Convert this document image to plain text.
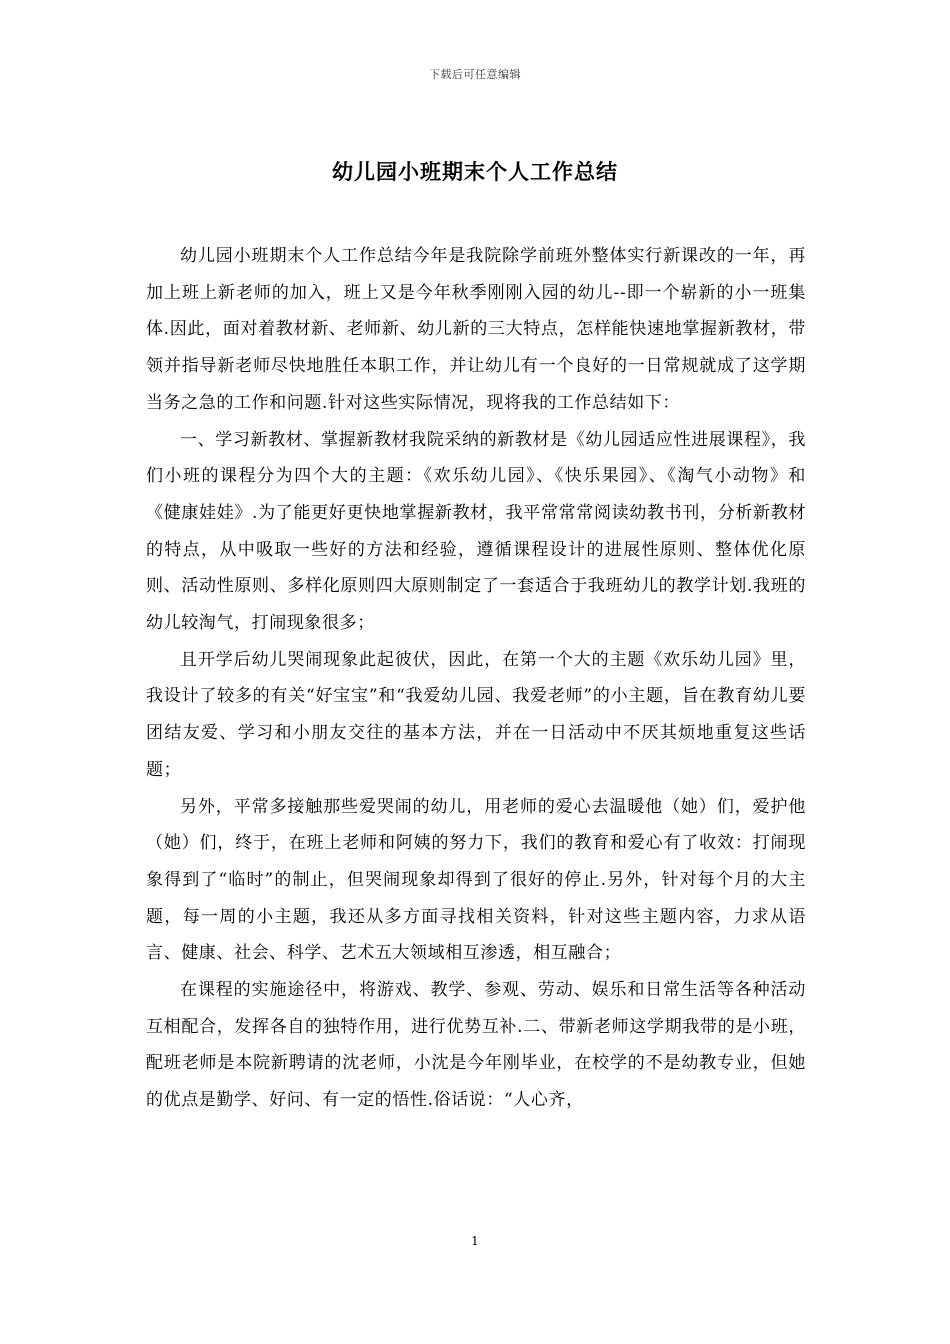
下载后可任意编辑
幼儿园小班期末个人工作总结

幼儿园小班期末个人工作总结今年是我院除学前班外整体实行新课改的一年，再加上班上新老师的加入，班上又是今年秋季刚刚入园的幼儿--即一个崭新的小一班集体.因此，面对着教材新、老师新、幼儿新的三大特点，怎样能快速地掌握新教材，带领并指导新老师尽快地胜任本职工作，并让幼儿有一个良好的一日常规就成了这学期当务之急的工作和问题.针对这些实际情况，现将我的工作总结如下：

一、学习新教材、掌握新教材我院采纳的新教材是《幼儿园适应性进展课程》，我们小班的课程分为四个大的主题：《欢乐幼儿园》、《快乐果园》、《淘气小动物》和《健康娃娃》.为了能更好更快地掌握新教材，我平常常常阅读幼教书刊，分析新教材的特点，从中吸取一些好的方法和经验，遵循课程设计的进展性原则、整体优化原则、活动性原则、多样化原则四大原则制定了一套适合于我班幼儿的教学计划.我班的幼儿较淘气，打闹现象很多；

且开学后幼儿哭闹现象此起彼伏，因此，在第一个大的主题《欢乐幼儿园》里，我设计了较多的有关“好宝宝”和“我爱幼儿园、我爱老师”的小主题，旨在教育幼儿要团结友爱、学习和小朋友交往的基本方法，并在一日活动中不厌其烦地重复这些话题；

另外，平常多接触那些爱哭闹的幼儿，用老师的爱心去温暖他（她）们，爱护他（她）们，终于，在班上老师和阿姨的努力下，我们的教育和爱心有了收效：打闹现象得到了“临时”的制止，但哭闹现象却得到了很好的停止.另外，针对每个月的大主题，每一周的小主题，我还从多方面寻找相关资料，针对这些主题内容，力求从语言、健康、社会、科学、艺术五大领域相互渗透，相互融合；

在课程的实施途径中，将游戏、教学、参观、劳动、娱乐和日常生活等各种活动互相配合，发挥各自的独特作用，进行优势互补.二、带新老师这学期我带的是小班，配班老师是本院新聘请的沈老师，小沈是今年刚毕业，在校学的不是幼教专业，但她的优点是勤学、好问、有一定的悟性.俗话说：“人心齐，

1
